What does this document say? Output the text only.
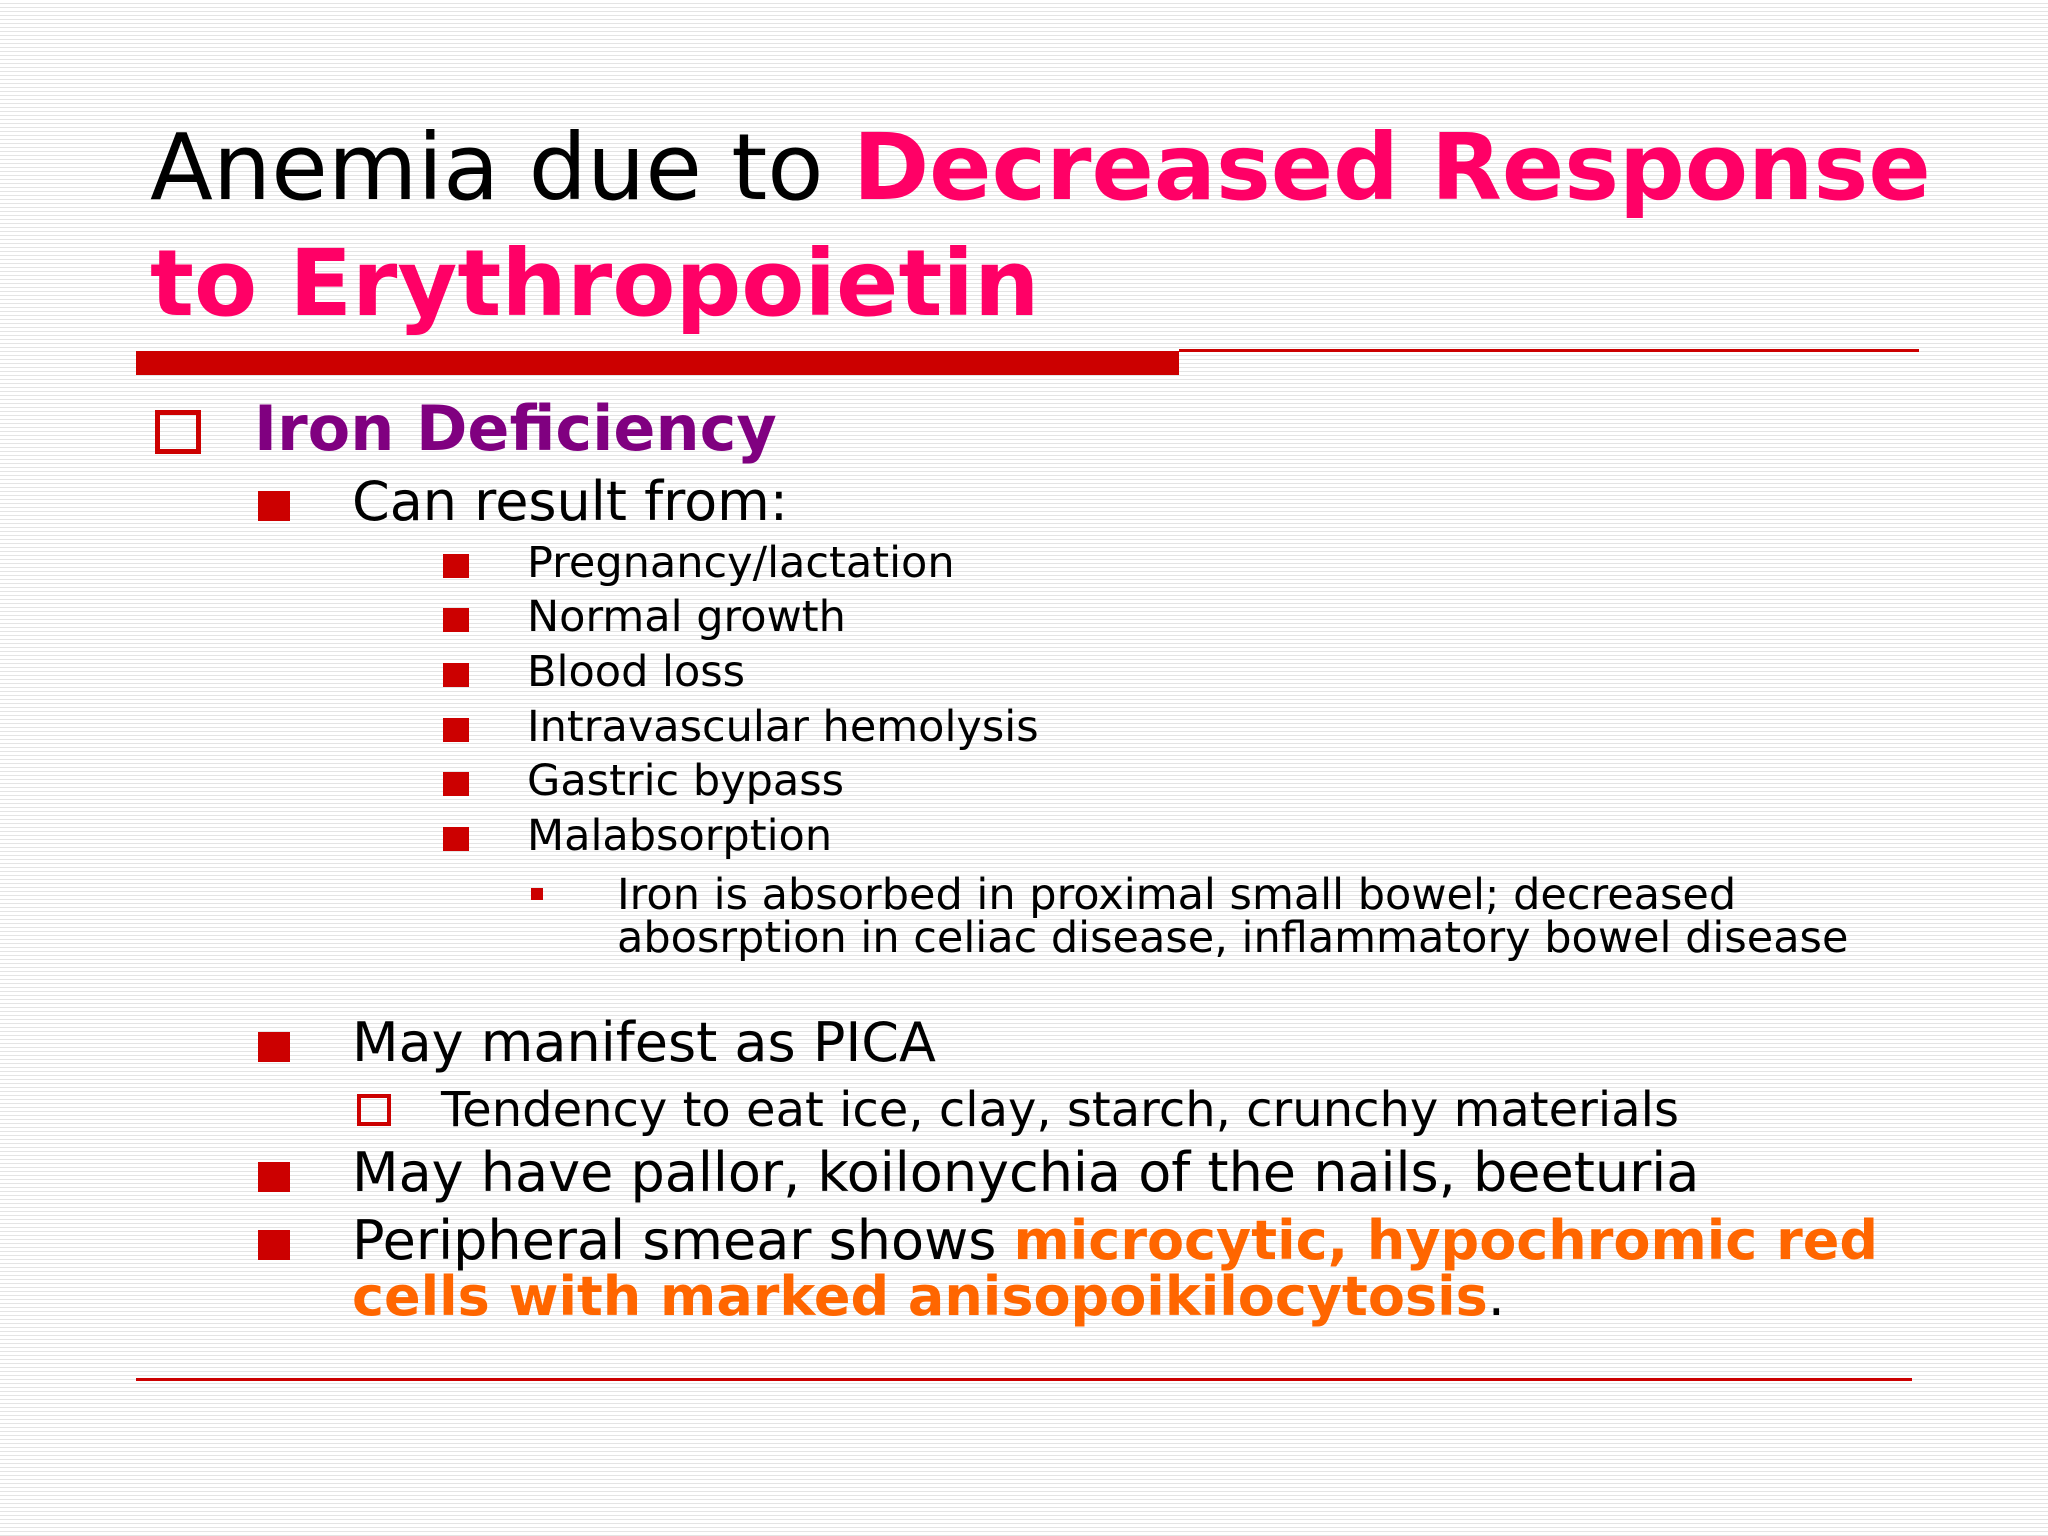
Anemia due to Decreased Response to Erythropoietin
Iron Deficiency
Can result from:
Pregnancy/lactation
Normal growth
Blood loss
Intravascular hemolysis
Gastric bypass
Malabsorption
Iron is absorbed in proximal small bowel; decreased abosrption in celiac disease, inflammatory bowel disease
May manifest as PICA
Tendency to eat ice, clay, starch, crunchy materials
May have pallor, koilonychia of the nails, beeturia
Peripheral smear shows microcytic, hypochromic red cells with marked anisopoikilocytosis.
